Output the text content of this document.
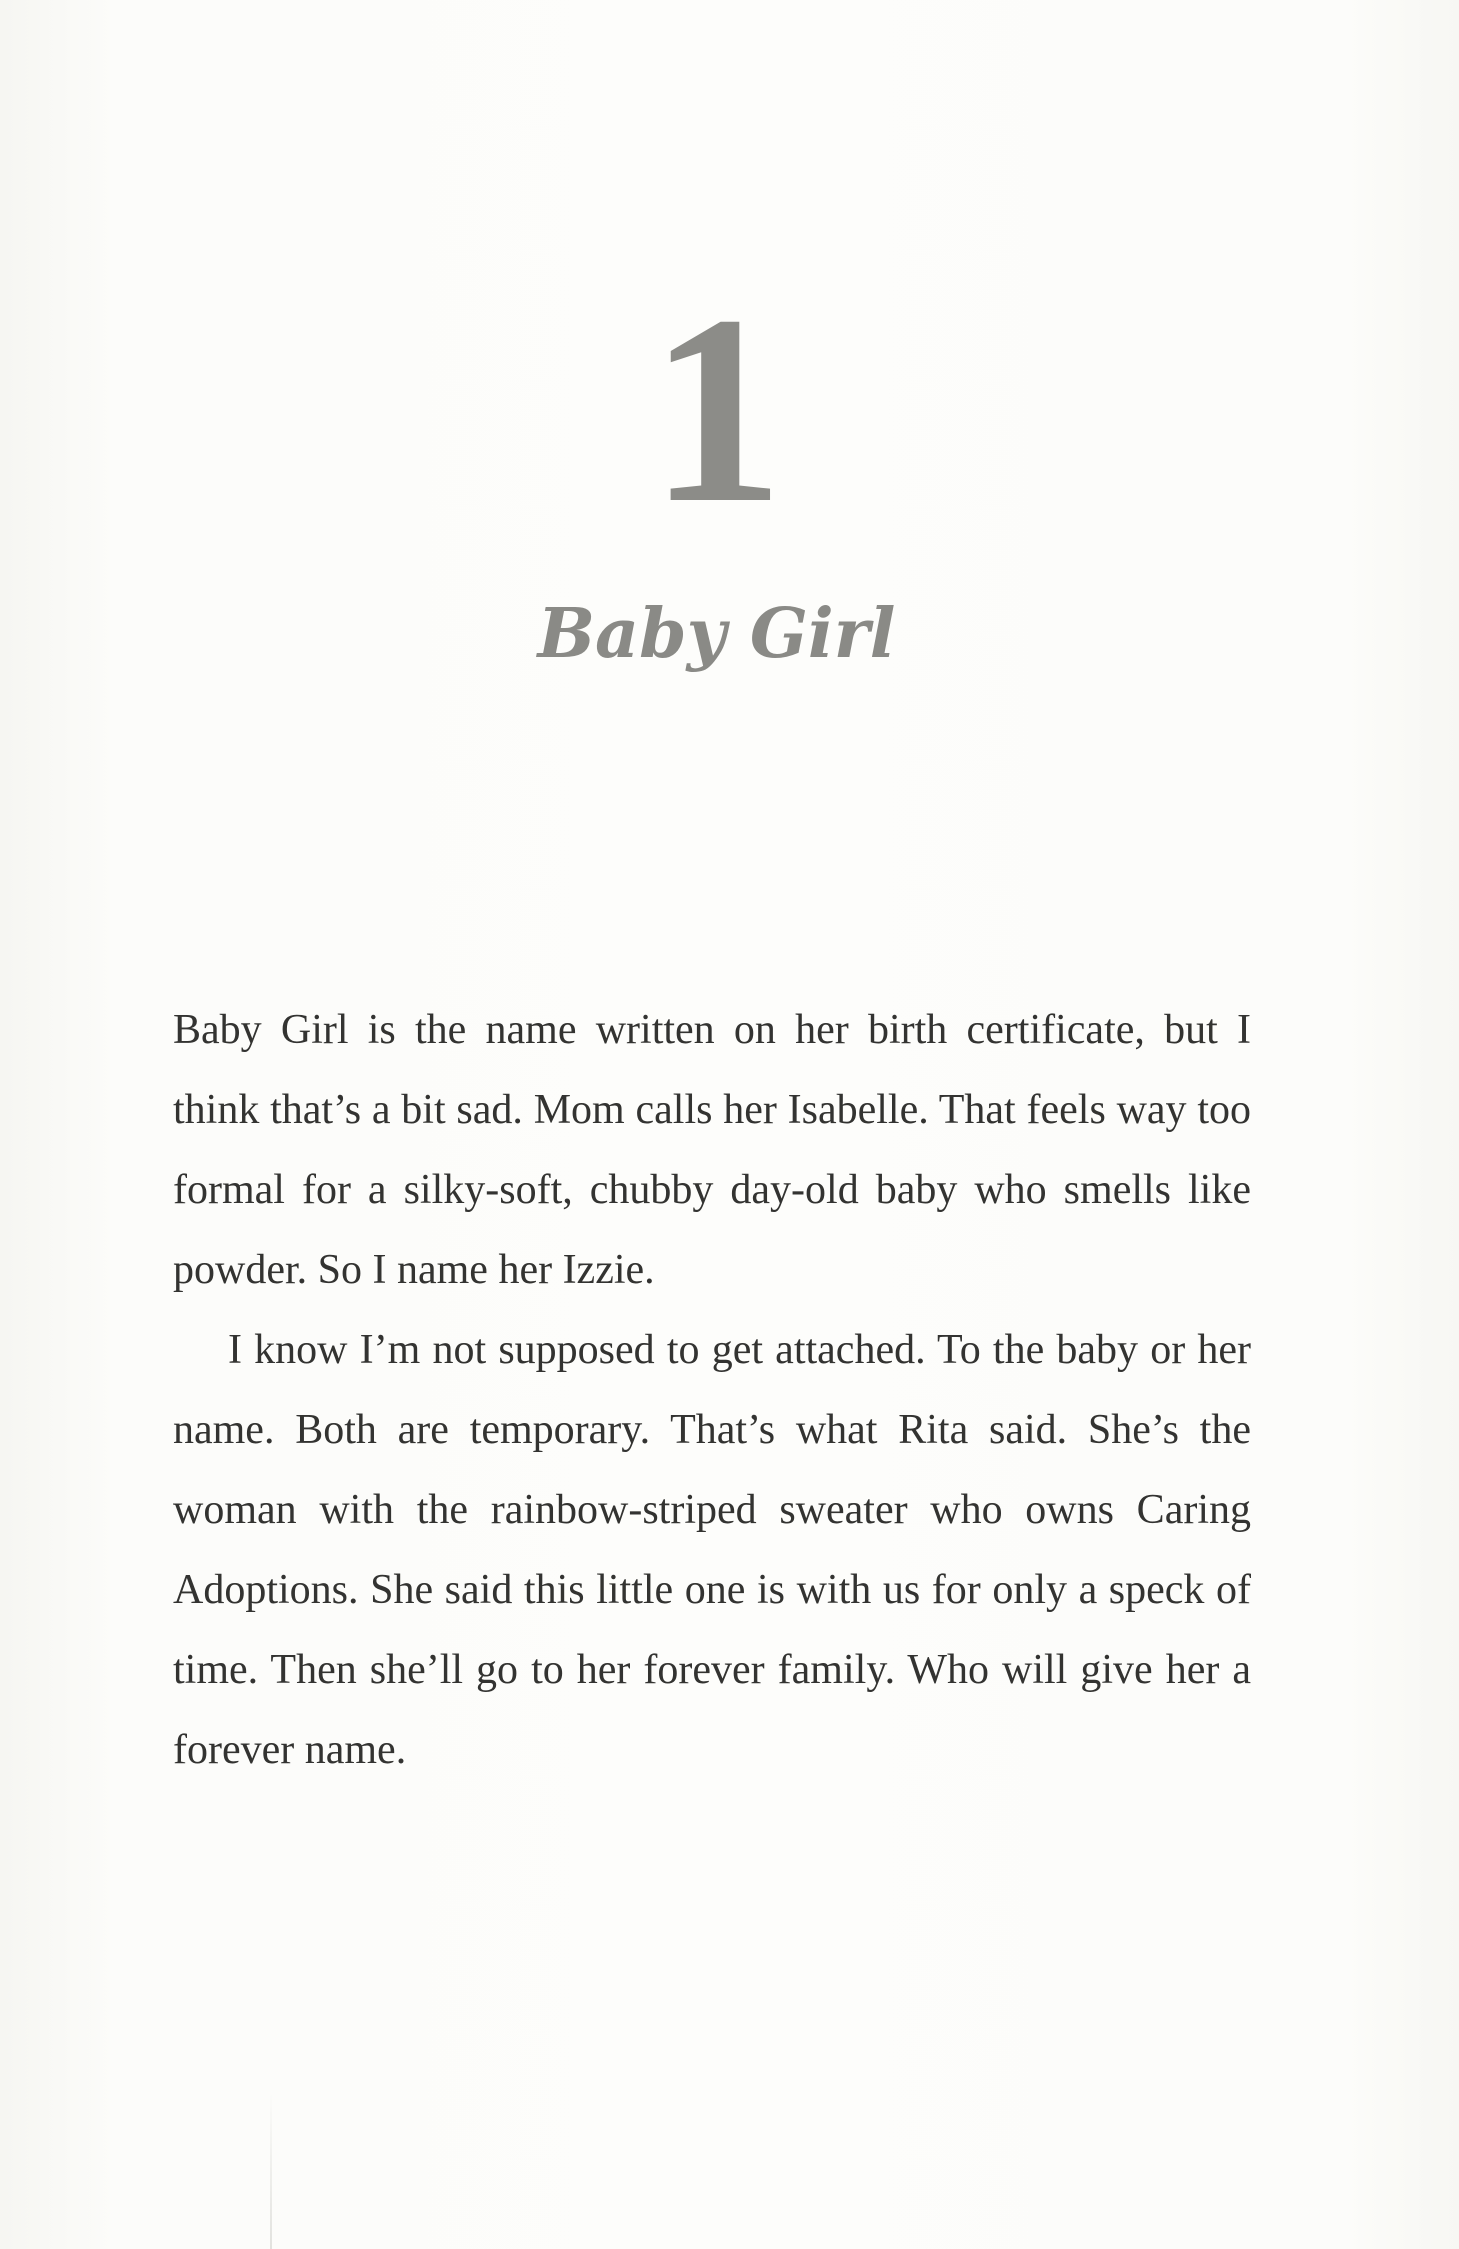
1
Baby Girl

Baby Girl is the name written on her birth certificate, but I think that’s a bit sad. Mom calls her Isabelle. That feels way too formal for a silky-soft, chubby day-old baby who smells like powder. So I name her Izzie.

I know I’m not supposed to get attached. To the baby or her name. Both are temporary. That’s what Rita said. She’s the woman with the rainbow-striped sweater who owns Caring Adoptions. She said this little one is with us for only a speck of time. Then she’ll go to her forever family. Who will give her a forever name.
